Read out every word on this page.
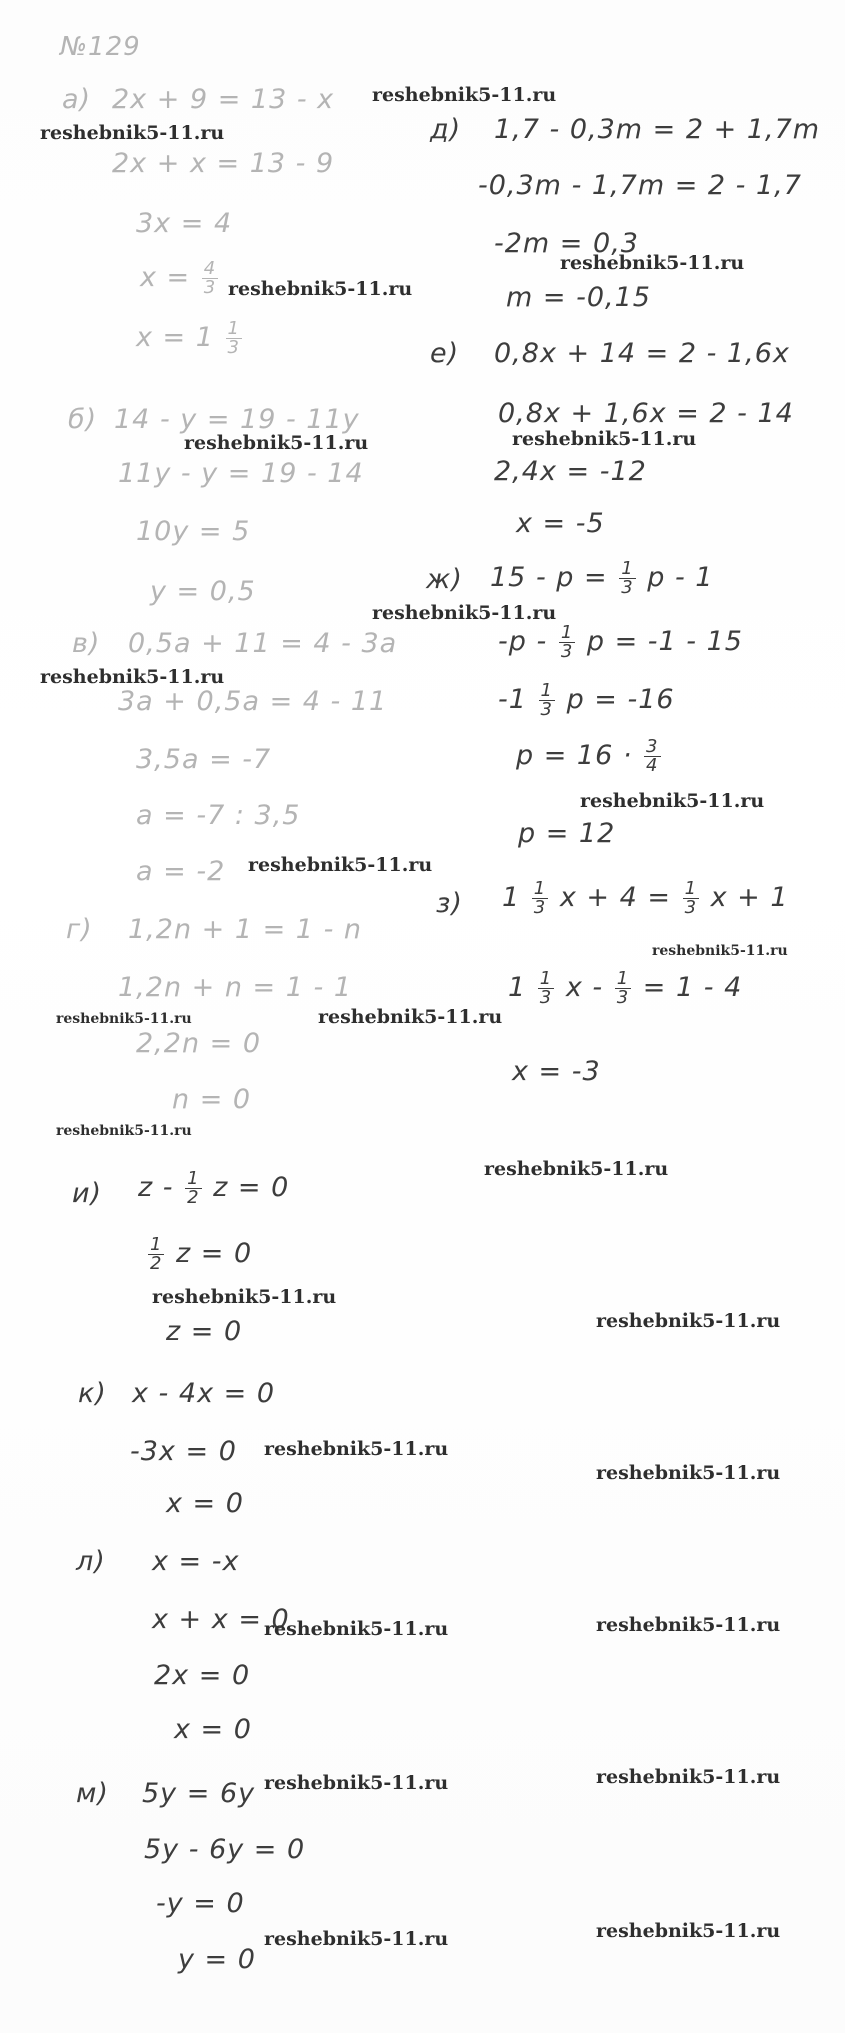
№129
а) 2x + 9 = 13 - x
2x + x = 13 - 9
3x = 4
$x = \frac{4}{3}$
$x = 1 \frac{1}{3}$
б) 14 - y = 19 - 11y
11y - y = 19 - 14
10y = 5
y = 0,5
в) 0,5a + 11 = 4 - 3a
3a + 0,5a = 4 - 11
3,5a = -7
a = -7 : 3,5
a = -2
г) 1,2n + 1 = 1 - n
1,2n + n = 1 - 1
2,2n = 0
n = 0
д) 1,7 - 0,3m = 2 + 1,7m
-0,3m - 1,7m = 2 - 1,7
-2m = 0,3
m = -0,15
е) 0,8x + 14 = 2 - 1,6x
0,8x + 1,6x = 2 - 14
2,4x = -12
x = -5
ж) $15 - p = \frac{1}{3}$ p - 1
$-p - \frac{1}{3}$ p = -1 - 15
$-1 \frac{1}{3}$ p = -16
$p = 16 \cdot \frac{3}{4}$
p = 12
з) $1 \frac{1}{3}$ $x + 4 = \frac{1}{3}$ x + 1
$1 \frac{1}{3}$ $x - \frac{1}{3} = 1 - 4$
x = -3
и) z - $\frac{1}{2}$ z = 0
$\frac{1}{2}$ z = 0
z = 0
к) x - 4x = 0
-3x = 0
x = 0
л) x = -x
x + x = 0
2x = 0
x = 0
м) 5y = 6y
5y - 6y = 0
-y = 0
y = 0
reshebnik5-11.ru
reshebnik5-11.ru
reshebnik5-11.ru
reshebnik5-11.ru
reshebnik5-11.ru	reshebnik5-11.ru
reshebnik5-11.ru
reshebnik5-11.ru
reshebnik5-11.ru
reshebnik5-11.ru
reshebnik5-11.ru
reshebnik5-11.ru	reshebnik5-11.ru
reshebnik5-11.ru
reshebnik5-11.ru
reshebnik5-11.ru
reshebnik5-11.ru
reshebnik5-11.ru
reshebnik5-11.ru
reshebnik5-11.ru	reshebnik5-11.ru
reshebnik5-11.ru	reshebnik5-11.ru
reshebnik5-11.ru	reshebnik5-11.ru
